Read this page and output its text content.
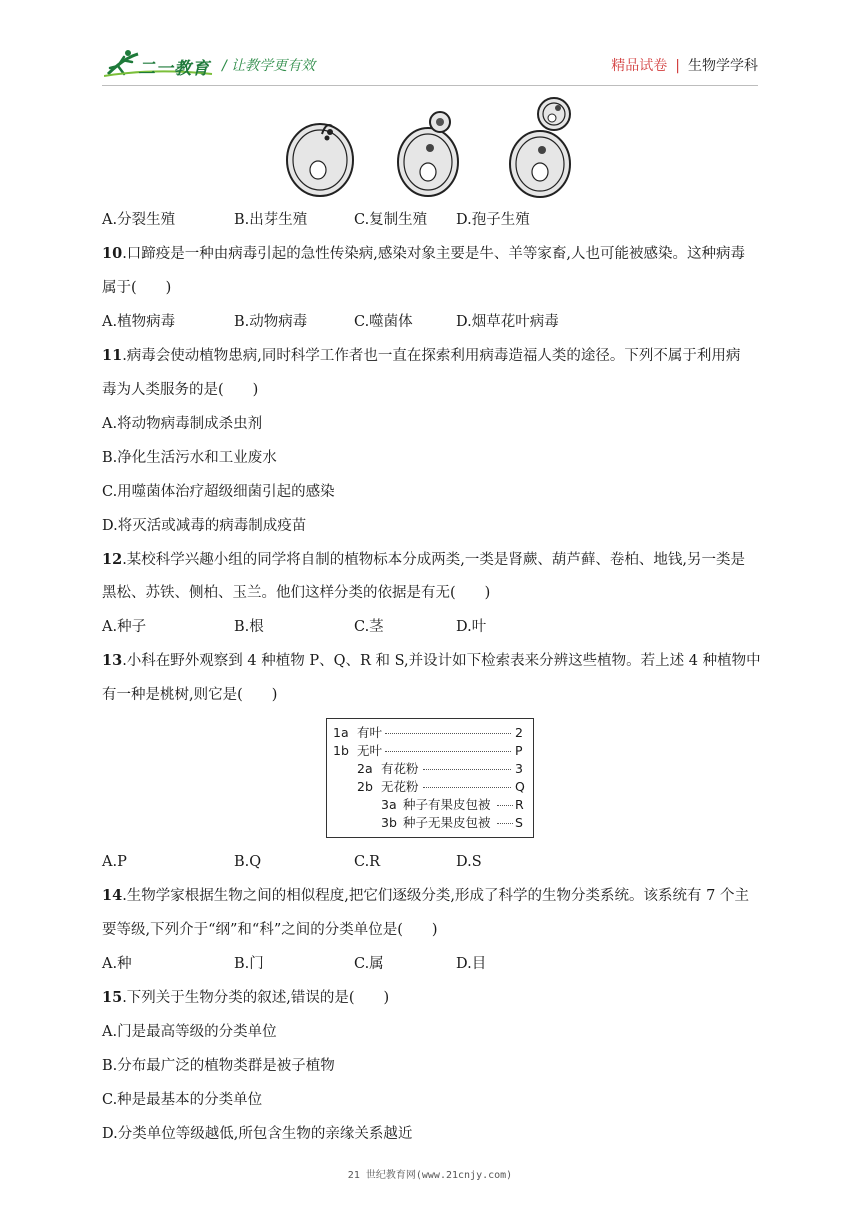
二一教育 / 让教学更有效	精品试卷 | 生物学学科
A.分裂生殖	B.出芽生殖	C.复制生殖 D.孢子生殖
10.口蹄疫是一种由病毒引起的急性传染病,感染对象主要是牛、羊等家畜,人也可能被感染。这种病毒
属于(　　)
A.植物病毒	B.动物病毒	C.噬菌体	D.烟草花叶病毒
11.病毒会使动植物患病,同时科学工作者也一直在探索利用病毒造福人类的途径。下列不属于利用病
毒为人类服务的是(　　)
A.将动物病毒制成杀虫剂
B.净化生活污水和工业废水
C.用噬菌体治疗超级细菌引起的感染
D.将灭活或减毒的病毒制成疫苗
12.某校科学兴趣小组的同学将自制的植物标本分成两类,一类是肾蕨、葫芦藓、卷柏、地钱,另一类是
黑松、苏铁、侧柏、玉兰。他们这样分类的依据是有无(　　)
A.种子	B.根	C.茎	D.叶
13.小科在野外观察到 4 种植物 P、Q、R 和 S,并设计如下检索表来分辨这些植物。若上述 4 种植物中
有一种是桃树,则它是(　　)
1a 有叶	2
1b 无叶	P
2a 有花粉	3
2b 无花粉	Q
3a 种子有果皮包被 R
3b 种子无果皮包被 S
A.P	B.Q	C.R	D.S
14.生物学家根据生物之间的相似程度,把它们逐级分类,形成了科学的生物分类系统。该系统有 7 个主
要等级,下列介于“纲”和“科”之间的分类单位是(　　)
A.种	B.门	C.属	D.目
15.下列关于生物分类的叙述,错误的是(　　)
A.门是最高等级的分类单位
B.分布最广泛的植物类群是被子植物
C.种是最基本的分类单位
D.分类单位等级越低,所包含生物的亲缘关系越近
21 世纪教育网(www.21cnjy.com)
